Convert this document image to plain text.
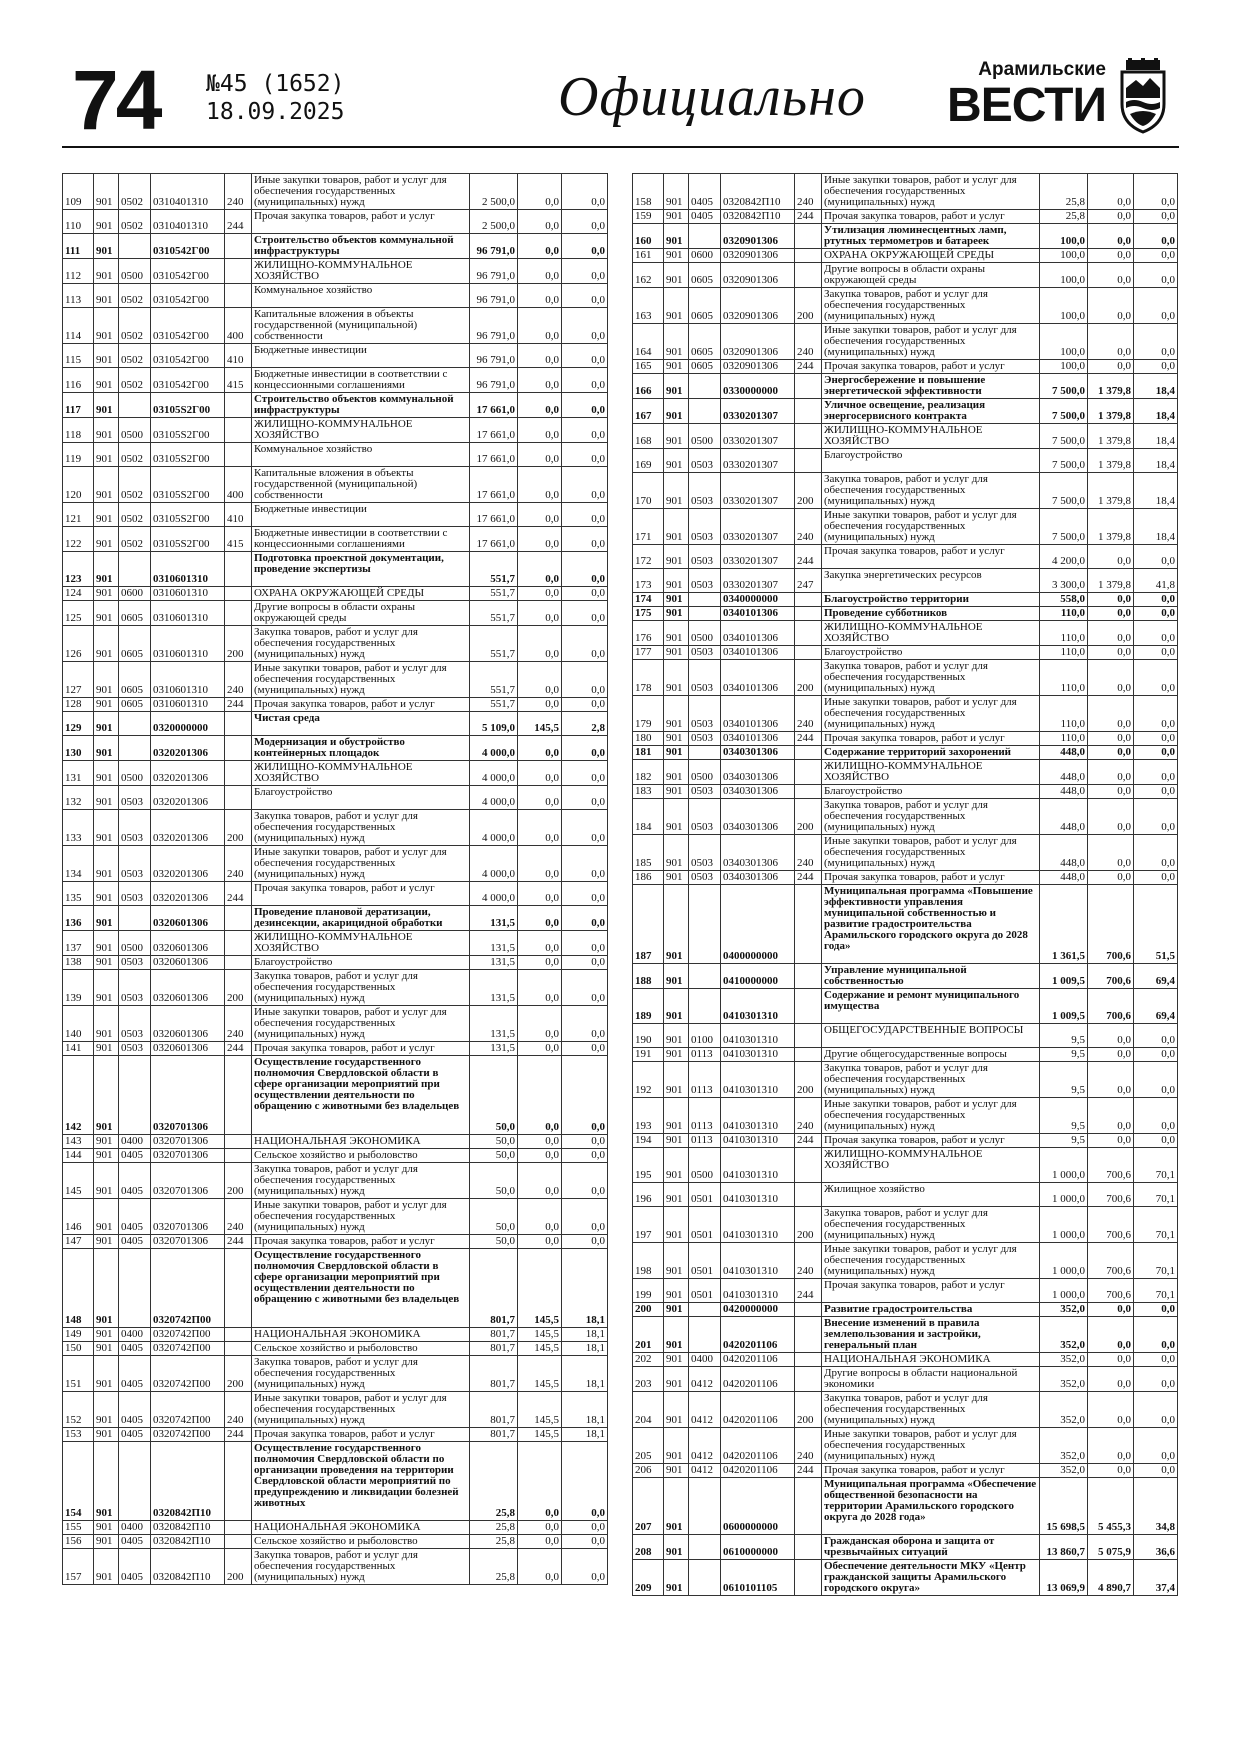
74 №45 (1652)
18.09.2025	Официально	Арамильские
ВЕСТИ
109	901	0502	0310401310	240	Иные закупки товаров, работ и услуг для обеспечения государственных (муниципальных) нужд	2 500,0	0,0	0,0
110	901	0502	0310401310	244	Прочая закупка товаров, работ и услуг	2 500,0	0,0	0,0
111	901		0310542Г00		Строительство объектов коммунальной инфраструктуры	96 791,0	0,0	0,0
112	901	0500	0310542Г00		ЖИЛИЩНО-КОММУНАЛЬНОЕ ХОЗЯЙСТВО	96 791,0	0,0	0,0
113	901	0502	0310542Г00		Коммунальное хозяйство	96 791,0	0,0	0,0
114	901	0502	0310542Г00	400	Капитальные вложения в объекты государственной (муниципальной) собственности	96 791,0	0,0	0,0
115	901	0502	0310542Г00	410	Бюджетные инвестиции	96 791,0	0,0	0,0
116	901	0502	0310542Г00	415	Бюджетные инвестиции в соответствии с концессионными соглашениями	96 791,0	0,0	0,0
117	901		03105S2Г00		Строительство объектов коммунальной инфраструктуры	17 661,0	0,0	0,0
118	901	0500	03105S2Г00		ЖИЛИЩНО-КОММУНАЛЬНОЕ ХОЗЯЙСТВО	17 661,0	0,0	0,0
119	901	0502	03105S2Г00		Коммунальное хозяйство	17 661,0	0,0	0,0
120	901	0502	03105S2Г00	400	Капитальные вложения в объекты государственной (муниципальной) собственности	17 661,0	0,0	0,0
121	901	0502	03105S2Г00	410	Бюджетные инвестиции	17 661,0	0,0	0,0
122	901	0502	03105S2Г00	415	Бюджетные инвестиции в соответствии с концессионными соглашениями	17 661,0	0,0	0,0
123	901		0310601310		Подготовка проектной документации, проведение экспертизы	551,7	0,0	0,0
124	901	0600	0310601310		ОХРАНА ОКРУЖАЮЩЕЙ СРЕДЫ	551,7	0,0	0,0
125	901	0605	0310601310		Другие вопросы в области охраны окружающей среды	551,7	0,0	0,0
126	901	0605	0310601310	200	Закупка товаров, работ и услуг для обеспечения государственных (муниципальных) нужд	551,7	0,0	0,0
127	901	0605	0310601310	240	Иные закупки товаров, работ и услуг для обеспечения государственных (муниципальных) нужд	551,7	0,0	0,0
128	901	0605	0310601310	244	Прочая закупка товаров, работ и услуг	551,7	0,0	0,0
129	901		0320000000		Чистая среда	5 109,0	145,5	2,8
130	901		0320201306		Модернизация и обустройство контейнерных площадок	4 000,0	0,0	0,0
131	901	0500	0320201306		ЖИЛИЩНО-КОММУНАЛЬНОЕ ХОЗЯЙСТВО	4 000,0	0,0	0,0
132	901	0503	0320201306		Благоустройство	4 000,0	0,0	0,0
133	901	0503	0320201306	200	Закупка товаров, работ и услуг для обеспечения государственных (муниципальных) нужд	4 000,0	0,0	0,0
134	901	0503	0320201306	240	Иные закупки товаров, работ и услуг для обеспечения государственных (муниципальных) нужд	4 000,0	0,0	0,0
135	901	0503	0320201306	244	Прочая закупка товаров, работ и услуг	4 000,0	0,0	0,0
136	901		0320601306		Проведение плановой дератизации, дезинсекции, акарицидной обработки	131,5	0,0	0,0
137	901	0500	0320601306		ЖИЛИЩНО-КОММУНАЛЬНОЕ ХОЗЯЙСТВО	131,5	0,0	0,0
138	901	0503	0320601306		Благоустройство	131,5	0,0	0,0
139	901	0503	0320601306	200	Закупка товаров, работ и услуг для обеспечения государственных (муниципальных) нужд	131,5	0,0	0,0
140	901	0503	0320601306	240	Иные закупки товаров, работ и услуг для обеспечения государственных (муниципальных) нужд	131,5	0,0	0,0
141	901	0503	0320601306	244	Прочая закупка товаров, работ и услуг	131,5	0,0	0,0
142	901		0320701306		Осуществление государственного полномочия Свердловской области в сфере организации мероприятий при осуществлении деятельности по обращению с животными без владельцев	50,0	0,0	0,0
143	901	0400	0320701306		НАЦИОНАЛЬНАЯ ЭКОНОМИКА	50,0	0,0	0,0
144	901	0405	0320701306		Сельское хозяйство и рыболовство	50,0	0,0	0,0
145	901	0405	0320701306	200	Закупка товаров, работ и услуг для обеспечения государственных (муниципальных) нужд	50,0	0,0	0,0
146	901	0405	0320701306	240	Иные закупки товаров, работ и услуг для обеспечения государственных (муниципальных) нужд	50,0	0,0	0,0
147	901	0405	0320701306	244	Прочая закупка товаров, работ и услуг	50,0	0,0	0,0
148	901		0320742П00		Осуществление государственного полномочия Свердловской области в сфере организации мероприятий при осуществлении деятельности по обращению с животными без владельцев	801,7	145,5	18,1
149	901	0400	0320742П00		НАЦИОНАЛЬНАЯ ЭКОНОМИКА	801,7	145,5	18,1
150	901	0405	0320742П00		Сельское хозяйство и рыболовство	801,7	145,5	18,1
151	901	0405	0320742П00	200	Закупка товаров, работ и услуг для обеспечения государственных (муниципальных) нужд	801,7	145,5	18,1
152	901	0405	0320742П00	240	Иные закупки товаров, работ и услуг для обеспечения государственных (муниципальных) нужд	801,7	145,5	18,1
153	901	0405	0320742П00	244	Прочая закупка товаров, работ и услуг	801,7	145,5	18,1
154	901		0320842П10		Осуществление государственного полномочия Свердловской области по организации проведения на территории Свердловской области мероприятий по предупреждению и ликвидации болезней животных	25,8	0,0	0,0
155	901	0400	0320842П10		НАЦИОНАЛЬНАЯ ЭКОНОМИКА	25,8	0,0	0,0
156	901	0405	0320842П10		Сельское хозяйство и рыболовство	25,8	0,0	0,0
157	901	0405	0320842П10	200	Закупка товаров, работ и услуг для обеспечения государственных (муниципальных) нужд	25,8	0,0	0,0
158	901	0405	0320842П10	240	Иные закупки товаров, работ и услуг для обеспечения государственных (муниципальных) нужд	25,8	0,0	0,0
159	901	0405	0320842П10	244	Прочая закупка товаров, работ и услуг	25,8	0,0	0,0
160	901		0320901306		Утилизация люминесцентных ламп, ртутных термометров и батареек	100,0	0,0	0,0
161	901	0600	0320901306		ОХРАНА ОКРУЖАЮЩЕЙ СРЕДЫ	100,0	0,0	0,0
162	901	0605	0320901306		Другие вопросы в области охраны окружающей среды	100,0	0,0	0,0
163	901	0605	0320901306	200	Закупка товаров, работ и услуг для обеспечения государственных (муниципальных) нужд	100,0	0,0	0,0
164	901	0605	0320901306	240	Иные закупки товаров, работ и услуг для обеспечения государственных (муниципальных) нужд	100,0	0,0	0,0
165	901	0605	0320901306	244	Прочая закупка товаров, работ и услуг	100,0	0,0	0,0
166	901		0330000000		Энергосбережение и повышение энергетической эффективности	7 500,0	1 379,8	18,4
167	901		0330201307		Уличное освещение, реализация энергосервисного контракта	7 500,0	1 379,8	18,4
168	901	0500	0330201307		ЖИЛИЩНО-КОММУНАЛЬНОЕ ХОЗЯЙСТВО	7 500,0	1 379,8	18,4
169	901	0503	0330201307		Благоустройство	7 500,0	1 379,8	18,4
170	901	0503	0330201307	200	Закупка товаров, работ и услуг для обеспечения государственных (муниципальных) нужд	7 500,0	1 379,8	18,4
171	901	0503	0330201307	240	Иные закупки товаров, работ и услуг для обеспечения государственных (муниципальных) нужд	7 500,0	1 379,8	18,4
172	901	0503	0330201307	244	Прочая закупка товаров, работ и услуг	4 200,0	0,0	0,0
173	901	0503	0330201307	247	Закупка энергетических ресурсов	3 300,0	1 379,8	41,8
174	901		0340000000		Благоустройство территории	558,0	0,0	0,0
175	901		0340101306		Проведение субботников	110,0	0,0	0,0
176	901	0500	0340101306		ЖИЛИЩНО-КОММУНАЛЬНОЕ ХОЗЯЙСТВО	110,0	0,0	0,0
177	901	0503	0340101306		Благоустройство	110,0	0,0	0,0
178	901	0503	0340101306	200	Закупка товаров, работ и услуг для обеспечения государственных (муниципальных) нужд	110,0	0,0	0,0
179	901	0503	0340101306	240	Иные закупки товаров, работ и услуг для обеспечения государственных (муниципальных) нужд	110,0	0,0	0,0
180	901	0503	0340101306	244	Прочая закупка товаров, работ и услуг	110,0	0,0	0,0
181	901		0340301306		Содержание территорий захоронений	448,0	0,0	0,0
182	901	0500	0340301306		ЖИЛИЩНО-КОММУНАЛЬНОЕ ХОЗЯЙСТВО	448,0	0,0	0,0
183	901	0503	0340301306		Благоустройство	448,0	0,0	0,0
184	901	0503	0340301306	200	Закупка товаров, работ и услуг для обеспечения государственных (муниципальных) нужд	448,0	0,0	0,0
185	901	0503	0340301306	240	Иные закупки товаров, работ и услуг для обеспечения государственных (муниципальных) нужд	448,0	0,0	0,0
186	901	0503	0340301306	244	Прочая закупка товаров, работ и услуг	448,0	0,0	0,0
187	901		0400000000		Муниципальная программа «Повышение эффективности управления муниципальной собственностью и развитие градостроительства Арамильского городского округа до 2028 года»	1 361,5	700,6	51,5
188	901		0410000000		Управление муниципальной собственностью	1 009,5	700,6	69,4
189	901		0410301310		Содержание и ремонт муниципального имущества	1 009,5	700,6	69,4
190	901	0100	0410301310		ОБЩЕГОСУДАРСТВЕННЫЕ ВОПРОСЫ	9,5	0,0	0,0
191	901	0113	0410301310		Другие общегосударственные вопросы	9,5	0,0	0,0
192	901	0113	0410301310	200	Закупка товаров, работ и услуг для обеспечения государственных (муниципальных) нужд	9,5	0,0	0,0
193	901	0113	0410301310	240	Иные закупки товаров, работ и услуг для обеспечения государственных (муниципальных) нужд	9,5	0,0	0,0
194	901	0113	0410301310	244	Прочая закупка товаров, работ и услуг	9,5	0,0	0,0
195	901	0500	0410301310		ЖИЛИЩНО-КОММУНАЛЬНОЕ ХОЗЯЙСТВО	1 000,0	700,6	70,1
196	901	0501	0410301310		Жилищное хозяйство	1 000,0	700,6	70,1
197	901	0501	0410301310	200	Закупка товаров, работ и услуг для обеспечения государственных (муниципальных) нужд	1 000,0	700,6	70,1
198	901	0501	0410301310	240	Иные закупки товаров, работ и услуг для обеспечения государственных (муниципальных) нужд	1 000,0	700,6	70,1
199	901	0501	0410301310	244	Прочая закупка товаров, работ и услуг	1 000,0	700,6	70,1
200	901		0420000000		Развитие градостроительства	352,0	0,0	0,0
201	901		0420201106		Внесение изменений в правила землепользования и застройки, генеральный план	352,0	0,0	0,0
202	901	0400	0420201106		НАЦИОНАЛЬНАЯ ЭКОНОМИКА	352,0	0,0	0,0
203	901	0412	0420201106		Другие вопросы в области национальной экономики	352,0	0,0	0,0
204	901	0412	0420201106	200	Закупка товаров, работ и услуг для обеспечения государственных (муниципальных) нужд	352,0	0,0	0,0
205	901	0412	0420201106	240	Иные закупки товаров, работ и услуг для обеспечения государственных (муниципальных) нужд	352,0	0,0	0,0
206	901	0412	0420201106	244	Прочая закупка товаров, работ и услуг	352,0	0,0	0,0
207	901		0600000000		Муниципальная программа «Обеспечение общественной безопасности на территории Арамильского городского округа до 2028 года»	15 698,5	5 455,3	34,8
208	901		0610000000		Гражданская оборона и защита от чрезвычайных ситуаций	13 860,7	5 075,9	36,6
209	901		0610101105		Обеспечение деятельности МКУ «Центр гражданской защиты Арамильского городского округа»	13 069,9	4 890,7	37,4
